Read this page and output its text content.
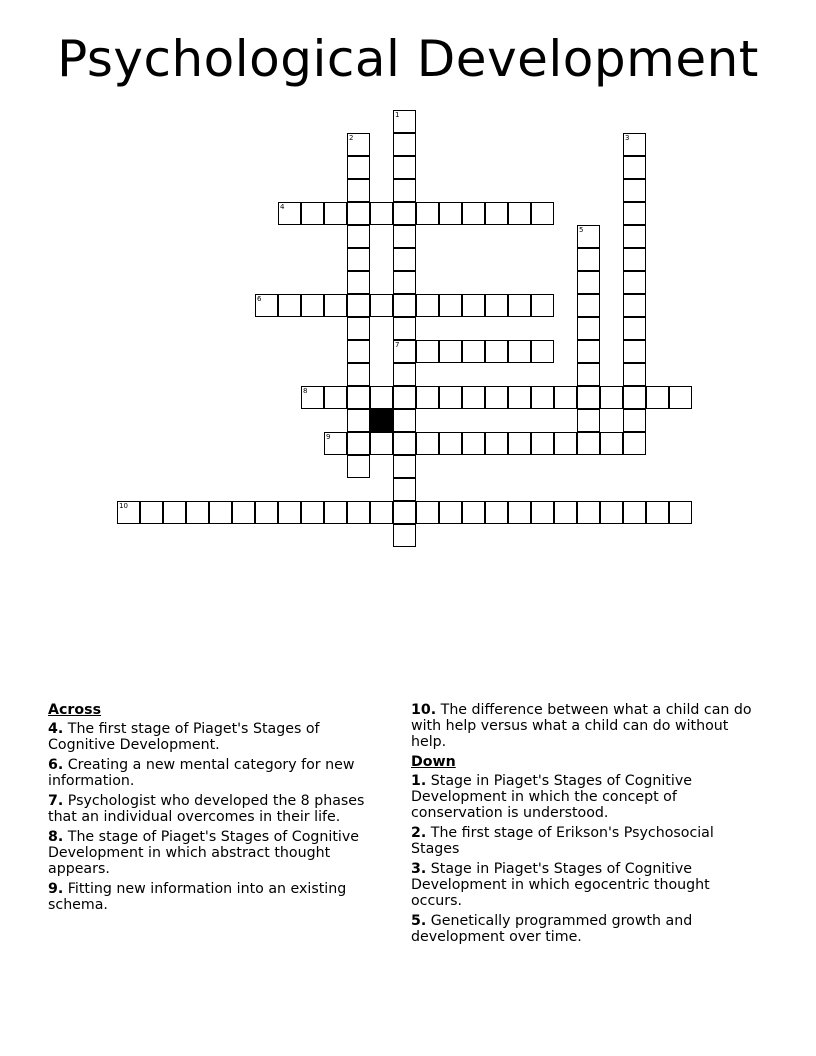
Psychological Development
1
7
2	3
4
5
6
8
9
10
Across
4. The first stage of Piaget's Stages of Cognitive Development.
6. Creating a new mental category for new information.
7. Psychologist who developed the 8 phases that an individual overcomes in their life.
8. The stage of Piaget's Stages of Cognitive Development in which abstract thought appears.
9. Fitting new information into an existing schema.
10. The difference between what a child can do with help versus what a child can do without help.
Down
1. Stage in Piaget's Stages of Cognitive Development in which the concept of conservation is understood.
2. The first stage of Erikson's Psychosocial Stages
3. Stage in Piaget's Stages of Cognitive Development in which egocentric thought occurs.
5. Genetically programmed growth and development over time.
